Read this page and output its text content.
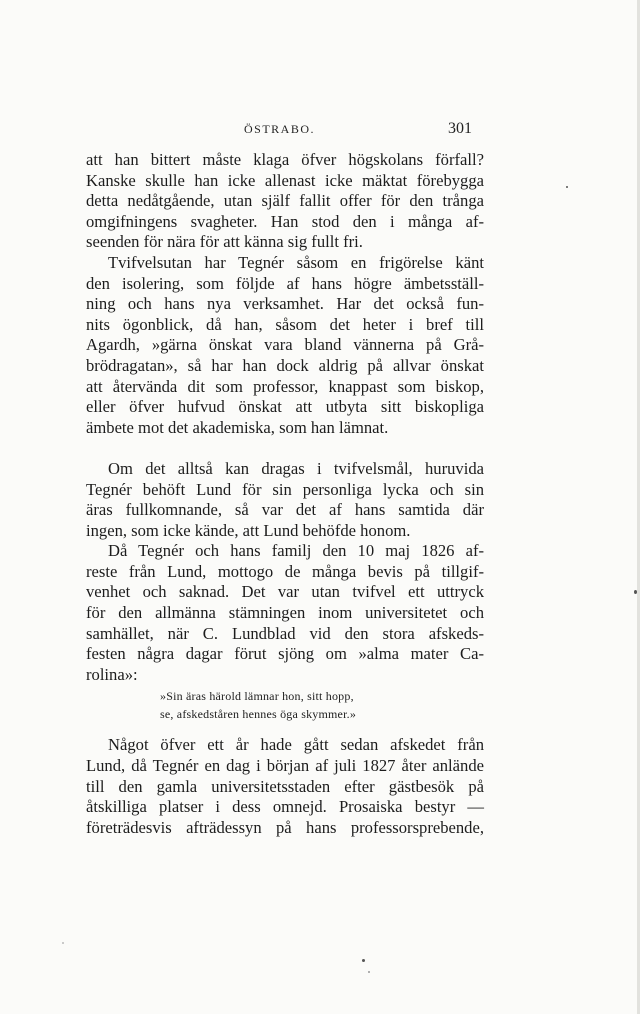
ÖSTRABO.	301
att han bittert måste klaga öfver högskolans förfall?
Kanske skulle han icke allenast icke mäktat förebygga
detta nedåtgående, utan själf fallit offer för den trånga
omgifningens svagheter. Han stod den i många af-
seenden för nära för att känna sig fullt fri.
Tvifvelsutan har Tegnér såsom en frigörelse känt
den isolering, som följde af hans högre ämbetsställ-
ning och hans nya verksamhet. Har det också fun-
nits ögonblick, då han, såsom det heter i bref till
Agardh, »gärna önskat vara bland vännerna på Grå-
brödragatan», så har han dock aldrig på allvar önskat
att återvända dit som professor, knappast som biskop,
eller öfver hufvud önskat att utbyta sitt biskopliga
ämbete mot det akademiska, som han lämnat.
Om det alltså kan dragas i tvifvelsmål, huruvida
Tegnér behöft Lund för sin personliga lycka och sin
äras fullkomnande, så var det af hans samtida där
ingen, som icke kände, att Lund behöfde honom.
Då Tegnér och hans familj den 10 maj 1826 af-
reste från Lund, mottogo de många bevis på tillgif-
venhet och saknad. Det var utan tvifvel ett uttryck
för den allmänna stämningen inom universitetet och
samhället, när C. Lundblad vid den stora afskeds-
festen några dagar förut sjöng om »alma mater Ca-
rolina»:
»Sin äras härold lämnar hon, sitt hopp,
se, afskedståren hennes öga skymmer.»
Något öfver ett år hade gått sedan afskedet från
Lund, då Tegnér en dag i början af juli 1827 åter anlände
till den gamla universitetsstaden efter gästbesök på
åtskilliga platser i dess omnejd. Prosaiska bestyr —
företrädesvis afträdessyn på hans professorsprebende,
